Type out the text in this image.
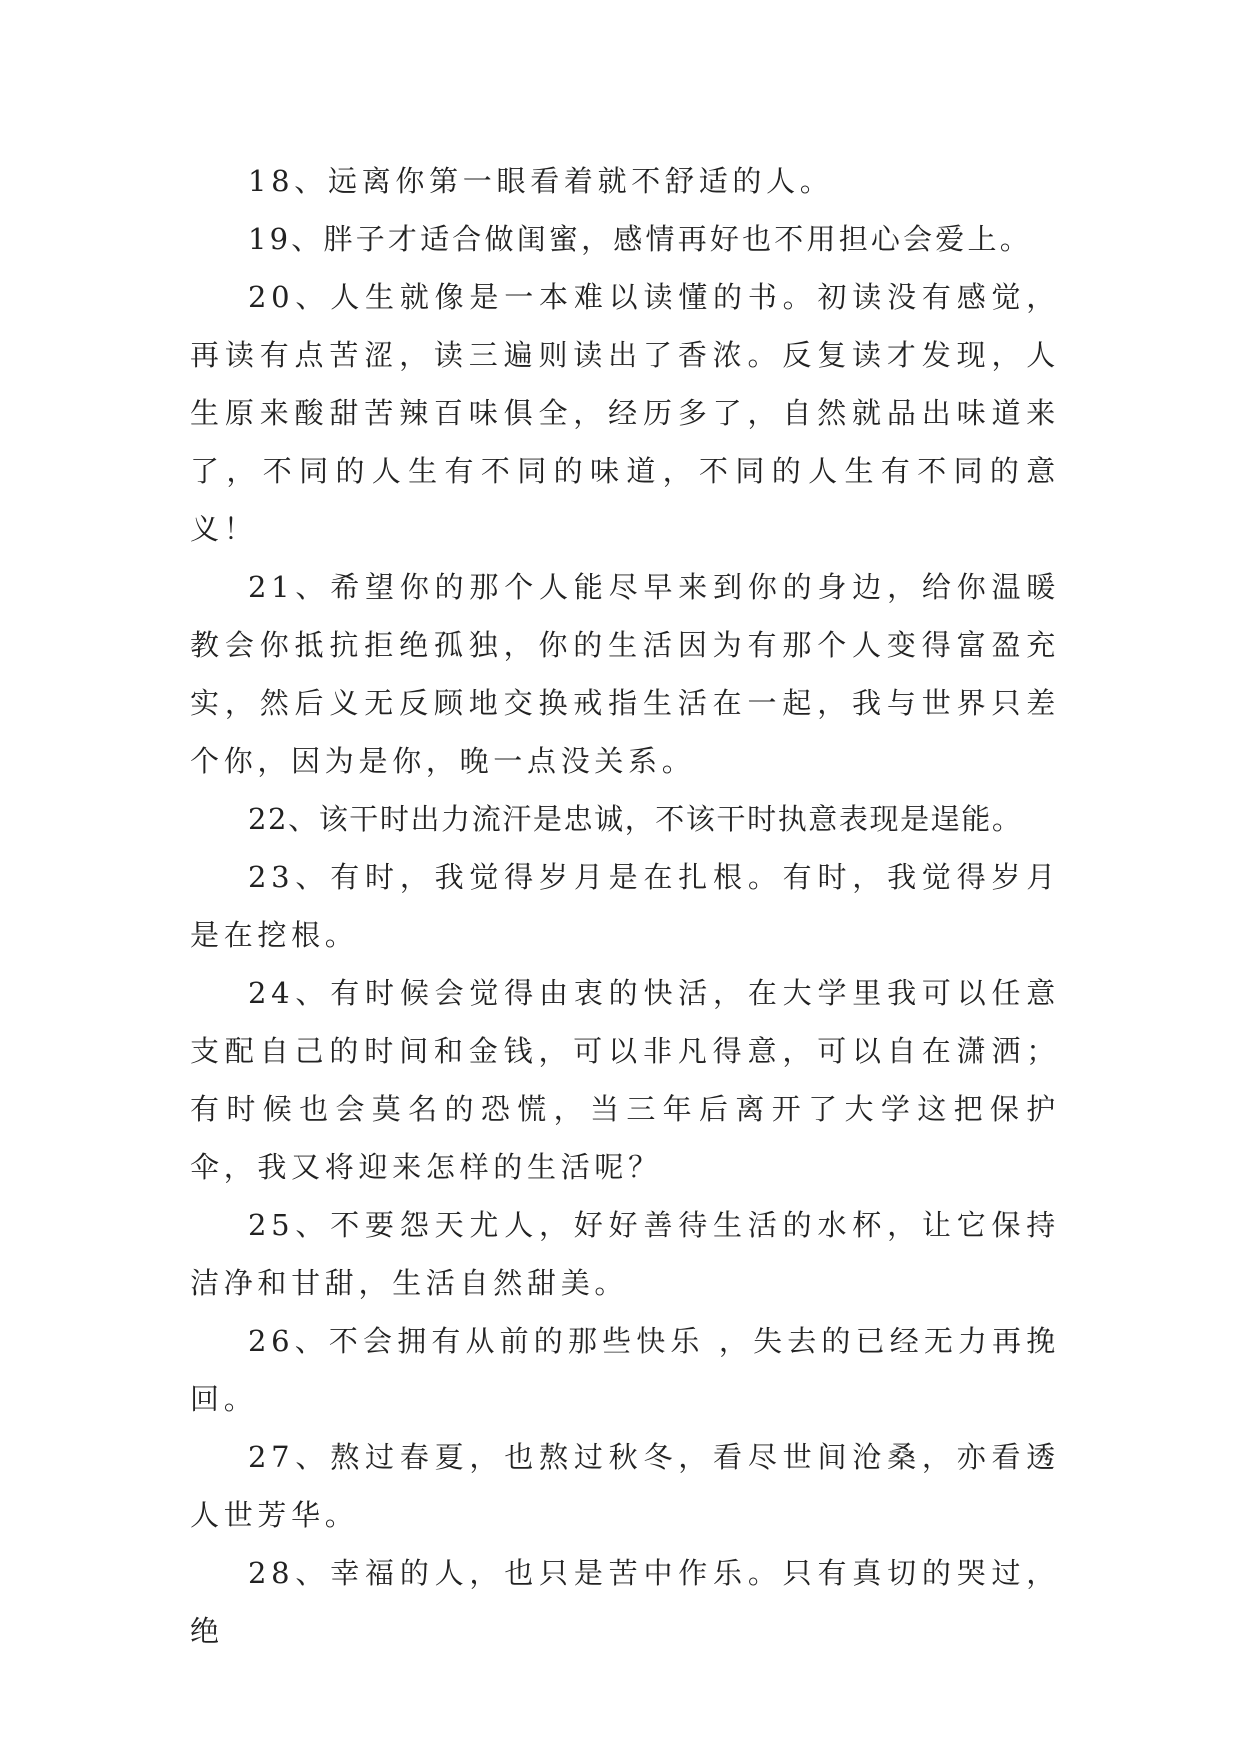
18、远离你第一眼看着就不舒适的人。

19、胖子才适合做闺蜜，感情再好也不用担心会爱上。

20、人生就像是一本难以读懂的书。初读没有感觉，再读有点苦涩，读三遍则读出了香浓。反复读才发现，人生原来酸甜苦辣百味俱全，经历多了，自然就品出味道来了，不同的人生有不同的味道，不同的人生有不同的意义！

21、希望你的那个人能尽早来到你的身边，给你温暖教会你抵抗拒绝孤独，你的生活因为有那个人变得富盈充实，然后义无反顾地交换戒指生活在一起，我与世界只差个你，因为是你，晚一点没关系。

22、该干时出力流汗是忠诚，不该干时执意表现是逞能。

23、有时，我觉得岁月是在扎根。有时，我觉得岁月是在挖根。

24、有时候会觉得由衷的快活，在大学里我可以任意支配自己的时间和金钱，可以非凡得意，可以自在潇洒；有时候也会莫名的恐慌，当三年后离开了大学这把保护伞，我又将迎来怎样的生活呢？

25、不要怨天尤人，好好善待生活的水杯，让它保持洁净和甘甜，生活自然甜美。

26、不会拥有从前的那些快乐 ，失去的已经无力再挽回。

27、熬过春夏，也熬过秋冬，看尽世间沧桑，亦看透人世芳华。

28、幸福的人，也只是苦中作乐。只有真切的哭过，绝
